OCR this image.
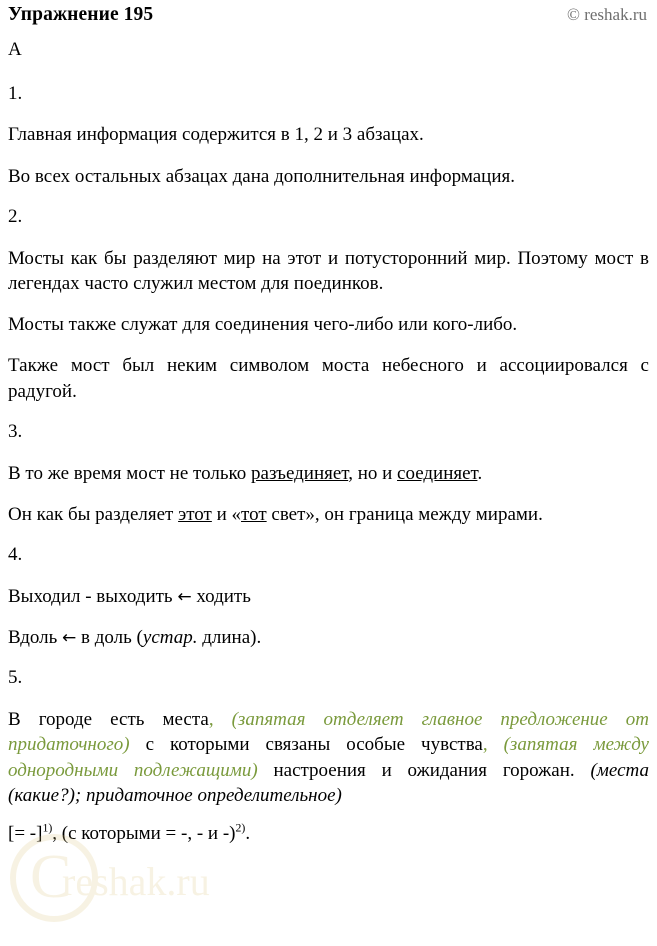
Упражнение 195	© reshak.ru
А
1.

Главная информация содержится в 1, 2 и 3 абзацах.

Во всех остальных абзацах дана дополнительная информация.

2.

Мосты как бы разделяют мир на этот и потусторонний мир. Поэтому мост в легендах часто служил местом для поединков.

Мосты также служат для соединения чего-либо или кого-либо.

Также мост был неким символом моста небесного и ассоциировался с радугой.

3.

В то же время мост не только разъединяет, но и соединяет.

Он как бы разделяет этот и «тот свет», он граница между мирами.

4.

Выходил - выходить ← ходить

Вдоль ← в доль (устар. длина).

5.

В городе есть места, (запятая отделяет главное предложение от придаточного) с которыми связаны особые чувства, (запятая между однородными подлежащими) настроения и ожидания горожан. (места (какие?); придаточное определительное)

[= -]$^{1)}$, (с которыми = -, - и -)$^{2)}$.

C
reshak.ru
